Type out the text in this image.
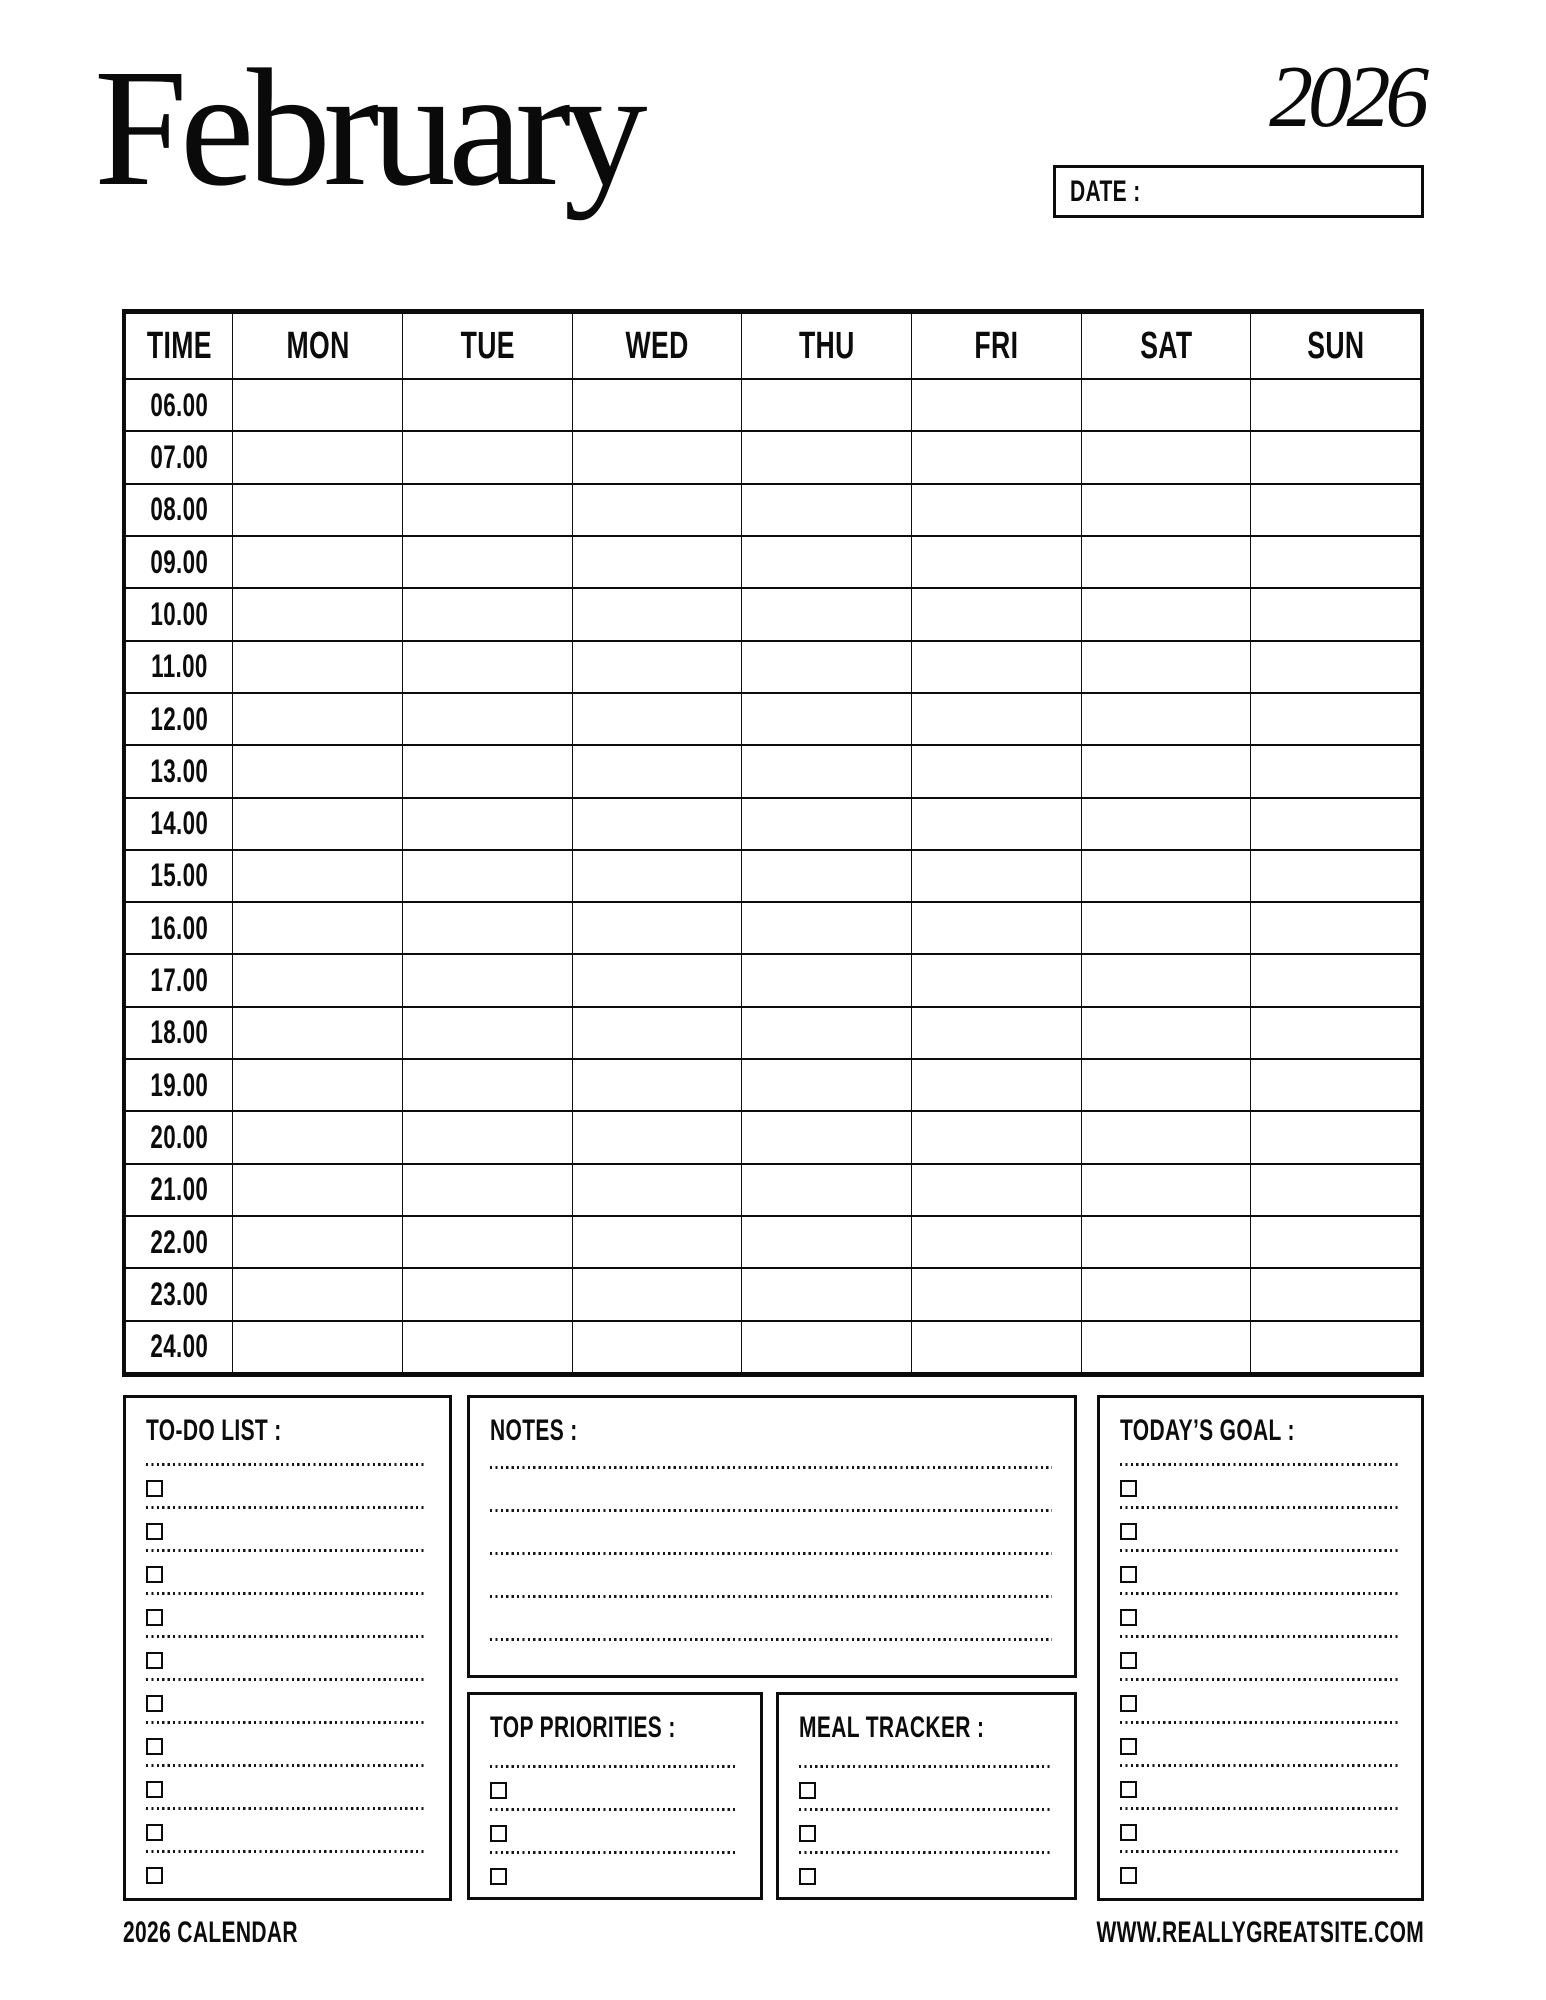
February	2026
DATE :
TIME	MON	TUE	WED	THU	FRI	SAT	SUN
06.00							
07.00							
08.00							
09.00							
10.00							
11.00							
12.00							
13.00							
14.00							
15.00							
16.00							
17.00							
18.00							
19.00							
20.00							
21.00							
22.00							
23.00							
24.00							
TO-DO LIST :	NOTES :
TOP PRIORITIES :	MEAL TRACKER :
TODAY’S GOAL :
2026 CALENDAR	WWW.REALLYGREATSITE.COM
